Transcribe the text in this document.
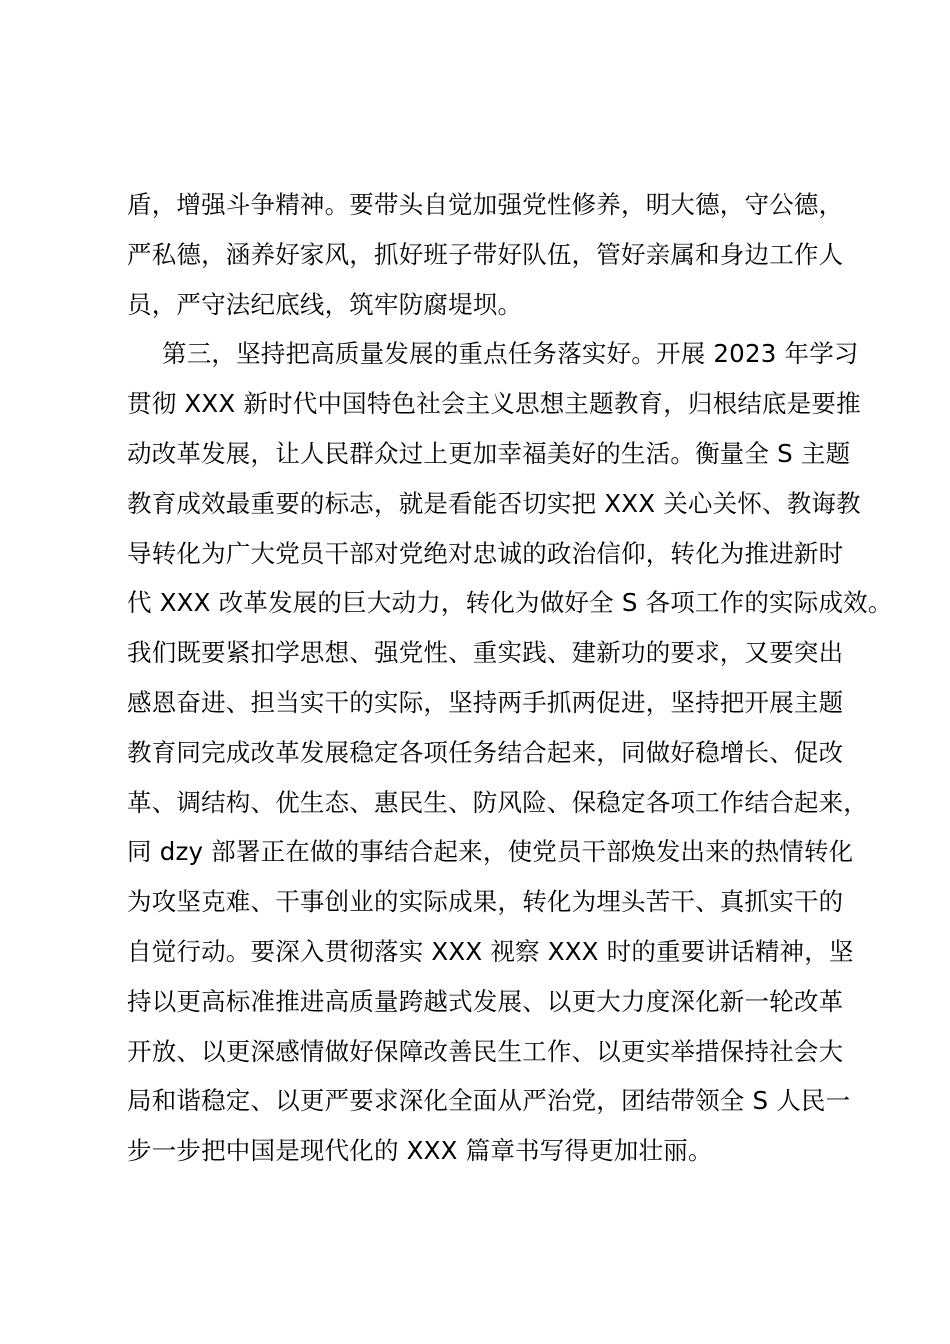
盾，增强斗争精神。要带头自觉加强党性修养，明大德，守公德，
严私德，涵养好家风，抓好班子带好队伍，管好亲属和身边工作人
员，严守法纪底线，筑牢防腐堤坝。
第三，坚持把高质量发展的重点任务落实好。开展 2023 年学习
贯彻 XXX 新时代中国特色社会主义思想主题教育，归根结底是要推
动改革发展，让人民群众过上更加幸福美好的生活。衡量全 S 主题
教育成效最重要的标志，就是看能否切实把 XXX 关心关怀、教诲教
导转化为广大党员干部对党绝对忠诚的政治信仰，转化为推进新时
代 XXX 改革发展的巨大动力，转化为做好全 S 各项工作的实际成效。
我们既要紧扣学思想、强党性、重实践、建新功的要求，又要突出
感恩奋进、担当实干的实际，坚持两手抓两促进，坚持把开展主题
教育同完成改革发展稳定各项任务结合起来，同做好稳增长、促改
革、调结构、优生态、惠民生、防风险、保稳定各项工作结合起来，
同 dzy 部署正在做的事结合起来，使党员干部焕发出来的热情转化
为攻坚克难、干事创业的实际成果，转化为埋头苦干、真抓实干的
自觉行动。要深入贯彻落实 XXX 视察 XXX 时的重要讲话精神，坚
持以更高标准推进高质量跨越式发展、以更大力度深化新一轮改革
开放、以更深感情做好保障改善民生工作、以更实举措保持社会大
局和谐稳定、以更严要求深化全面从严治党，团结带领全 S 人民一
步一步把中国是现代化的 XXX 篇章书写得更加壮丽。
